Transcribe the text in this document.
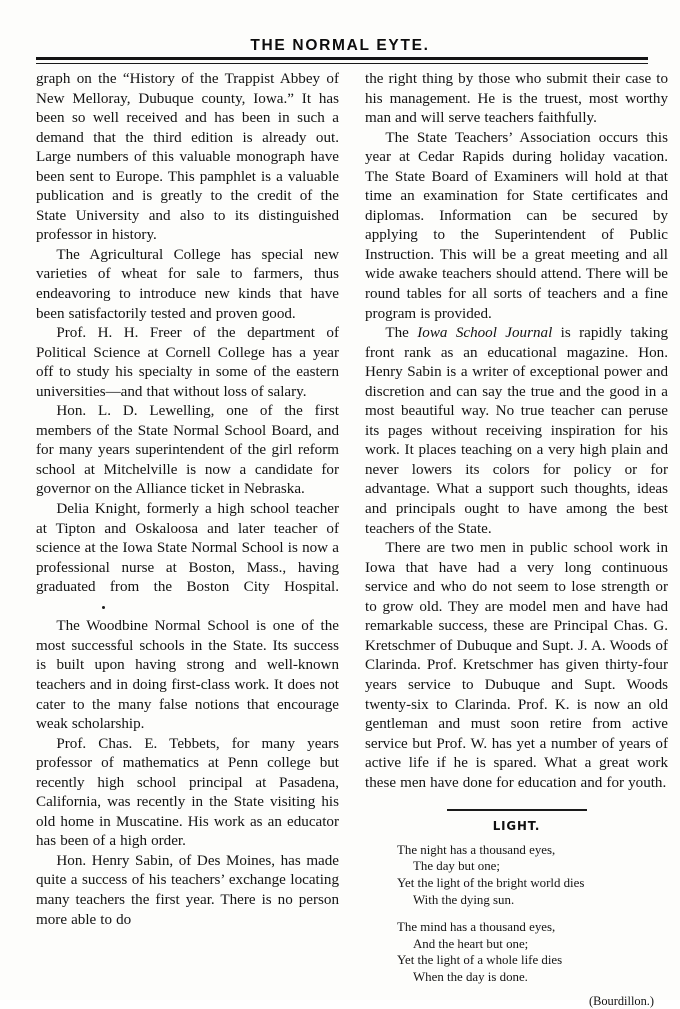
THE NORMAL EYTE.

graph on the “History of the Trappist Abbey of New Melloray, Dubuque county, Iowa.” It has been so well received and has been in such a demand that the third edition is already out. Large numbers of this valuable monograph have been sent to Europe. This pamphlet is a valuable publication and is greatly to the credit of the State University and also to its distinguished professor in history.

The Agricultural College has special new varieties of wheat for sale to farmers, thus endeavoring to introduce new kinds that have been satisfactorily tested and proven good.

Prof. H. H. Freer of the department of Political Science at Cornell College has a year off to study his specialty in some of the eastern universities—and that without loss of salary.

Hon. L. D. Lewelling, one of the first members of the State Normal School Board, and for many years superintendent of the girl reform school at Mitchelville is now a candidate for governor on the Alliance ticket in Nebraska.

Delia Knight, formerly a high school teacher at Tipton and Oskaloosa and later teacher of science at the Iowa State Normal School is now a professional nurse at Boston, Mass., having graduated from the Boston City Hospital.

The Woodbine Normal School is one of the most successful schools in the State. Its success is built upon having strong and well-known teachers and in doing first-class work. It does not cater to the many false notions that encourage weak scholarship.

Prof. Chas. E. Tebbets, for many years professor of mathematics at Penn college but recently high school principal at Pasadena, California, was recently in the State visiting his old home in Muscatine. His work as an educator has been of a high order.

Hon. Henry Sabin, of Des Moines, has made quite a success of his teachers’ exchange locating many teachers the first year. There is no person more able to do

the right thing by those who submit their case to his management. He is the truest, most worthy man and will serve teachers faithfully.

The State Teachers’ Association occurs this year at Cedar Rapids during holiday vacation. The State Board of Examiners will hold at that time an examination for State certificates and diplomas. Information can be secured by applying to the Superintendent of Public Instruction. This will be a great meeting and all wide awake teachers should attend. There will be round tables for all sorts of teachers and a fine program is provided.

The Iowa School Journal is rapidly taking front rank as an educational magazine. Hon. Henry Sabin is a writer of exceptional power and discretion and can say the true and the good in a most beautiful way. No true teacher can peruse its pages without receiving inspiration for his work. It places teaching on a very high plain and never lowers its colors for policy or for advantage. What a support such thoughts, ideas and principals ought to have among the best teachers of the State.

There are two men in public school work in Iowa that have had a very long continuous service and who do not seem to lose strength or to grow old. They are model men and have had remarkable success, these are Principal Chas. G. Kretschmer of Dubuque and Supt. J. A. Woods of Clarinda. Prof. Kretschmer has given thirty-four years service to Dubuque and Supt. Woods twenty-six to Clarinda. Prof. K. is now an old gentleman and must soon retire from active service but Prof. W. has yet a number of years of active life if he is spared. What a great work these men have done for education and for youth.

LIGHT.
The night has a thousand eyes,
The day but one;
Yet the light of the bright world dies
With the dying sun.
The mind has a thousand eyes,
And the heart but one;
Yet the light of a whole life dies
When the day is done.
(Bourdillon.)
